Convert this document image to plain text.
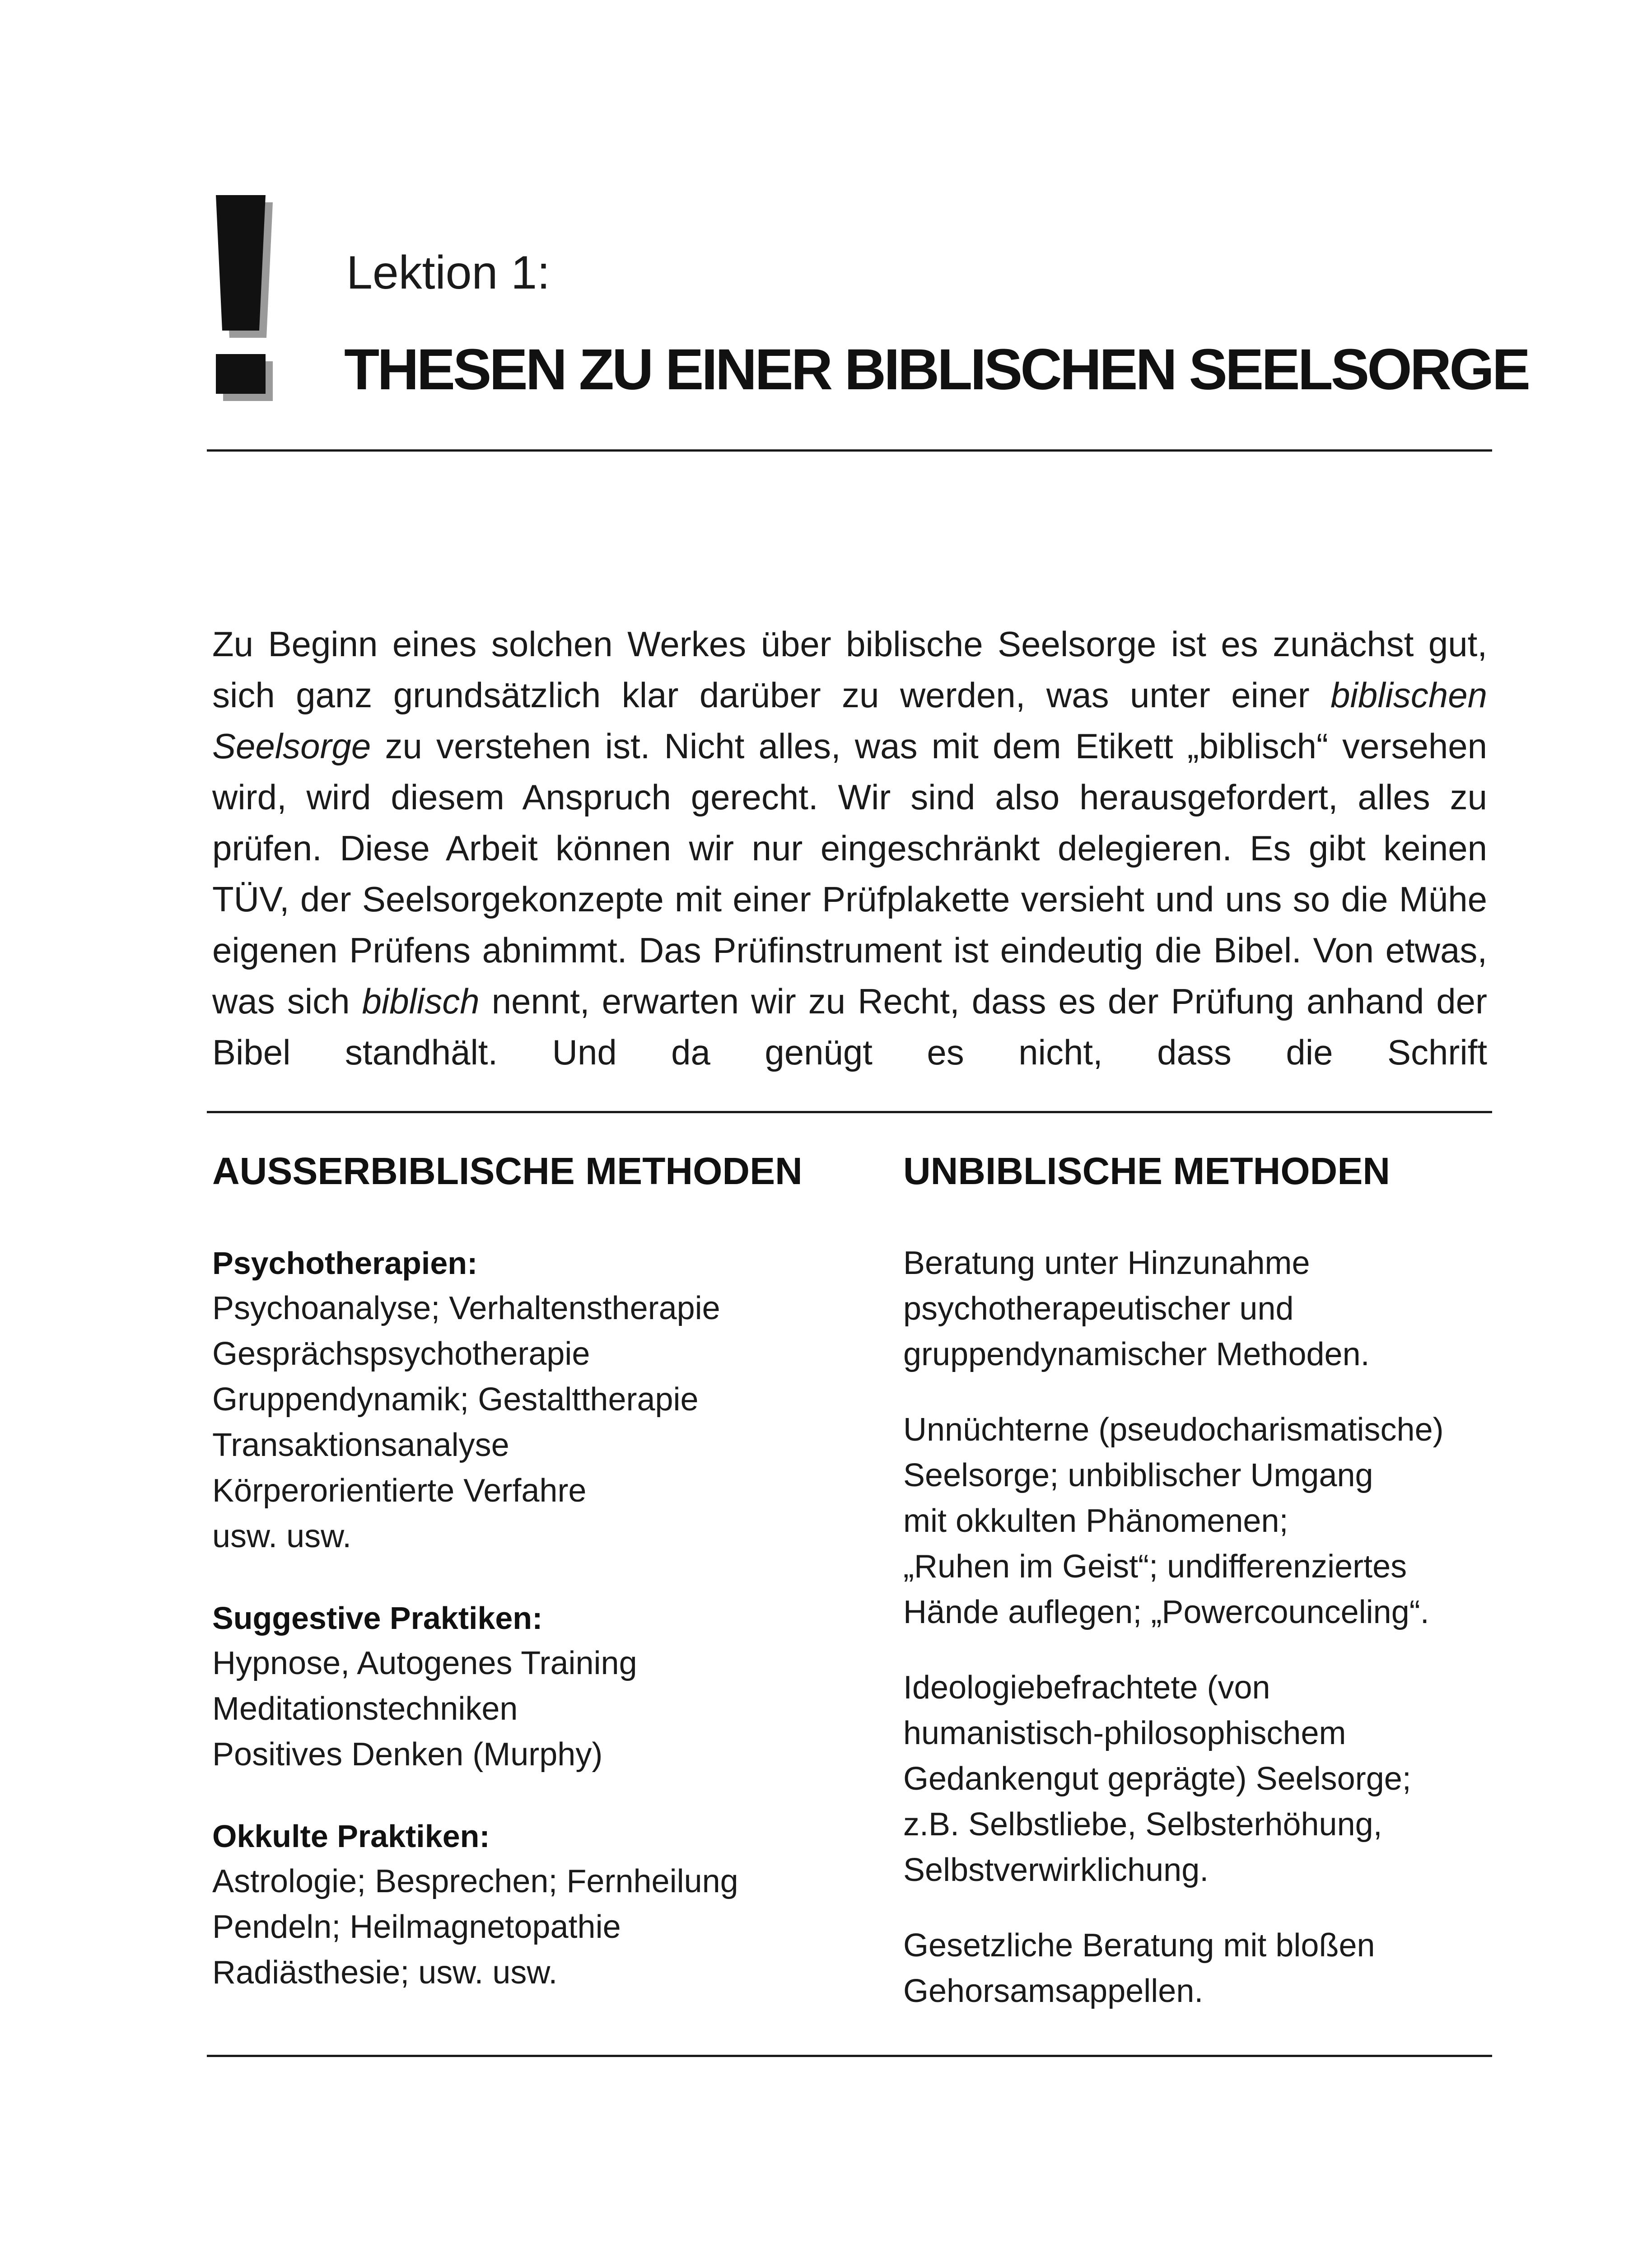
Lektion 1:
THESEN ZU EINER BIBLISCHEN SEELSORGE

Zu Beginn eines solchen Werkes über biblische Seelsorge ist es zunächst gut, sich ganz grundsätzlich klar darüber zu werden, was unter einer biblischen Seelsorge zu verstehen ist. Nicht alles, was mit dem Etikett „biblisch“ versehen wird, wird diesem Anspruch gerecht. Wir sind also herausgefordert, alles zu prüfen. Diese Arbeit können wir nur eingeschränkt delegieren. Es gibt keinen TÜV, der Seelsorgekonzepte mit einer Prüfplakette versieht und uns so die Mühe eigenen Prüfens abnimmt. Das Prüfinstrument ist eindeutig die Bibel. Von etwas, was sich biblisch nennt, erwarten wir zu Recht, dass es der Prüfung anhand der Bibel standhält. Und da genügt es nicht, dass die Schrift

AUSSERBIBLISCHE METHODEN
Psychotherapien:
Psychoanalyse; Verhaltenstherapie
Gesprächspsychotherapie
Gruppendynamik; Gestalttherapie
Transaktionsanalyse
Körperorientierte Verfahre
usw. usw.
Suggestive Praktiken:
Hypnose, Autogenes Training
Meditationstechniken
Positives Denken (Murphy)
Okkulte Praktiken:
Astrologie; Besprechen; Fernheilung
Pendeln; Heilmagnetopathie
Radiästhesie; usw. usw.
UNBIBLISCHE METHODEN
Beratung unter Hinzunahme
psychotherapeutischer und
gruppendynamischer Methoden.
Unnüchterne (pseudocharismatische)
Seelsorge; unbiblischer Umgang
mit okkulten Phänomenen;
„Ruhen im Geist“; undifferenziertes
Hände auflegen; „Powercounceling“.
Ideologiebefrachtete (von
humanistisch-philosophischem
Gedankengut geprägte) Seelsorge;
z.B. Selbstliebe, Selbsterhöhung,
Selbstverwirklichung.
Gesetzliche Beratung mit bloßen
Gehorsamsappellen.
